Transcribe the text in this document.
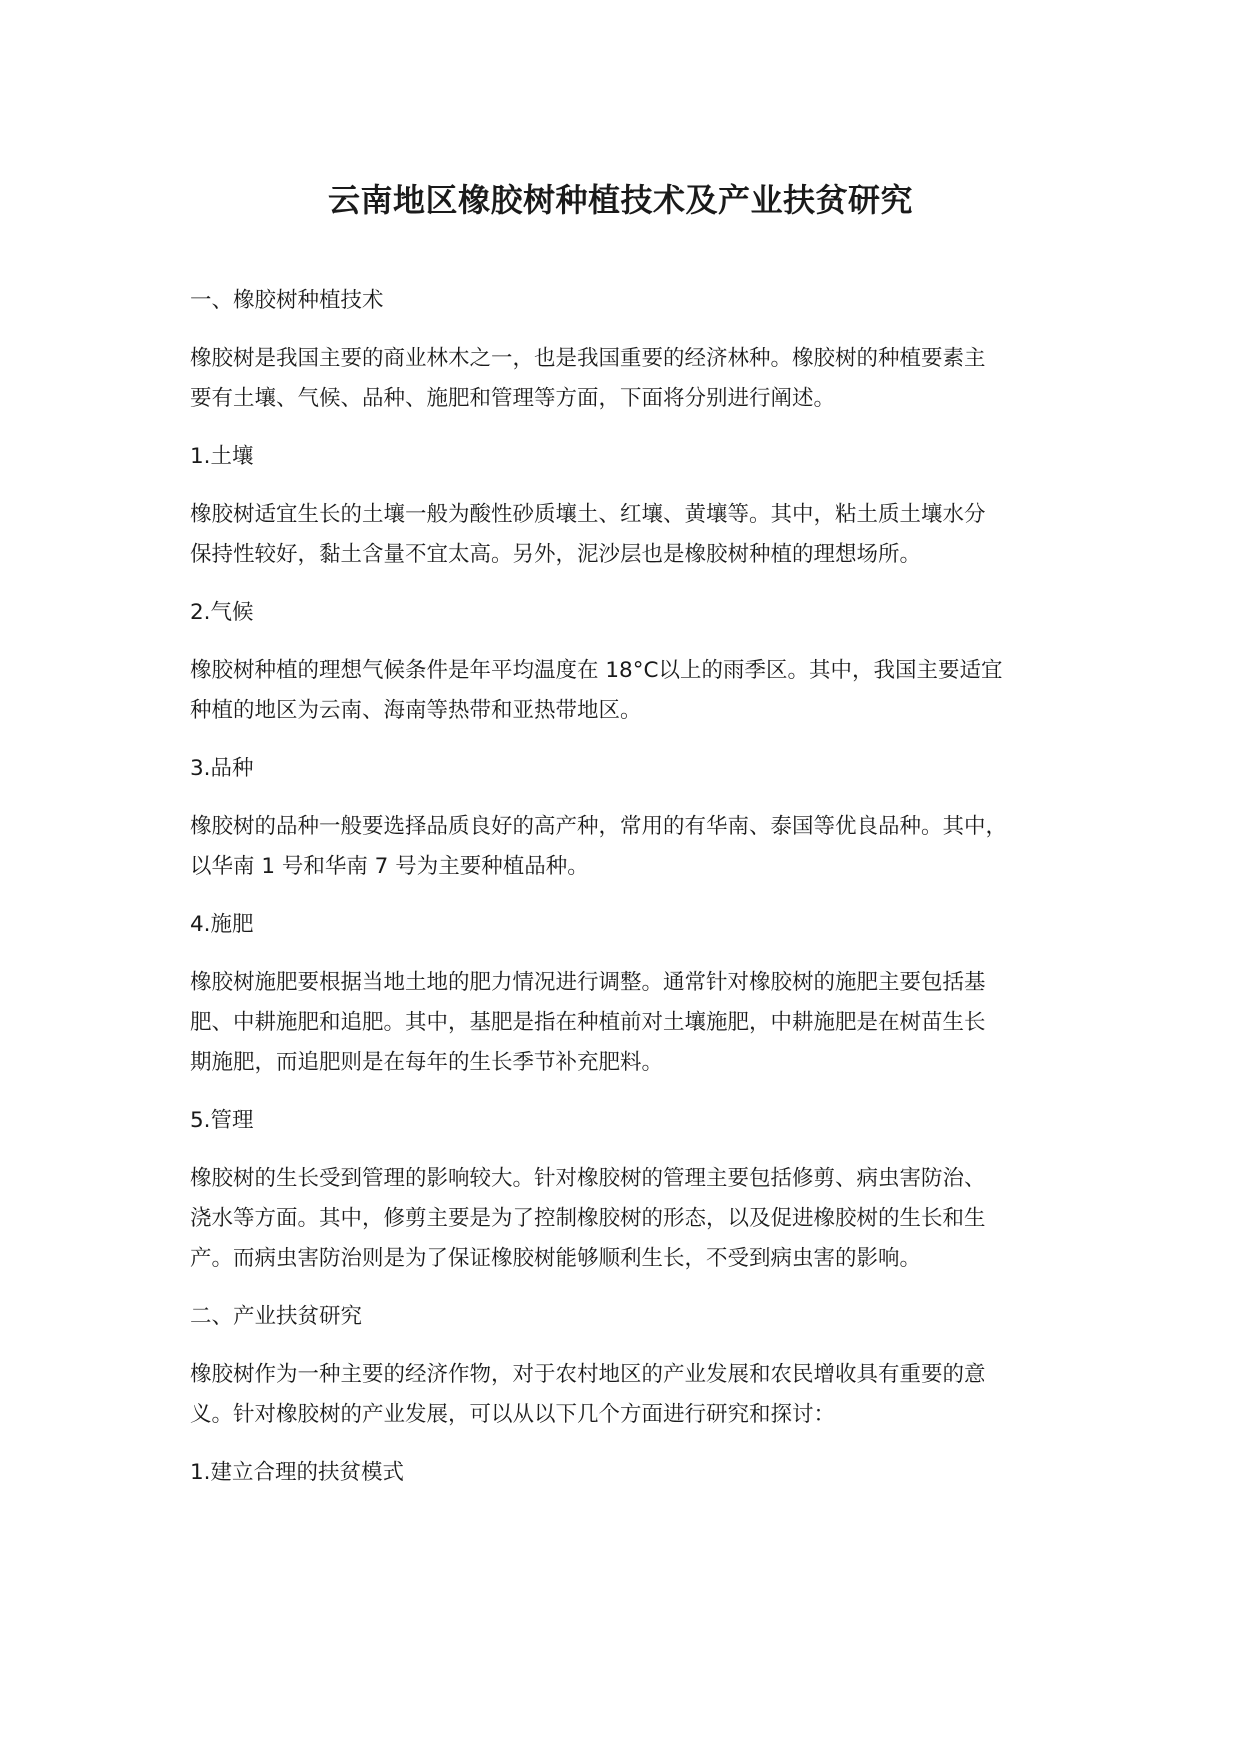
云南地区橡胶树种植技术及产业扶贫研究

一、橡胶树种植技术

橡胶树是我国主要的商业林木之一，也是我国重要的经济林种。橡胶树的种植要素主
要有土壤、气候、品种、施肥和管理等方面，下面将分别进行阐述。

1.土壤

橡胶树适宜生长的土壤一般为酸性砂质壤土、红壤、黄壤等。其中，粘土质土壤水分
保持性较好，黏土含量不宜太高。另外，泥沙层也是橡胶树种植的理想场所。

2.气候

橡胶树种植的理想气候条件是年平均温度在 18°C以上的雨季区。其中，我国主要适宜
种植的地区为云南、海南等热带和亚热带地区。

3.品种

橡胶树的品种一般要选择品质良好的高产种，常用的有华南、泰国等优良品种。其中，
以华南 1 号和华南 7 号为主要种植品种。

4.施肥

橡胶树施肥要根据当地土地的肥力情况进行调整。通常针对橡胶树的施肥主要包括基
肥、中耕施肥和追肥。其中，基肥是指在种植前对土壤施肥，中耕施肥是在树苗生长
期施肥，而追肥则是在每年的生长季节补充肥料。

5.管理

橡胶树的生长受到管理的影响较大。针对橡胶树的管理主要包括修剪、病虫害防治、
浇水等方面。其中，修剪主要是为了控制橡胶树的形态，以及促进橡胶树的生长和生
产。而病虫害防治则是为了保证橡胶树能够顺利生长，不受到病虫害的影响。

二、产业扶贫研究

橡胶树作为一种主要的经济作物，对于农村地区的产业发展和农民增收具有重要的意
义。针对橡胶树的产业发展，可以从以下几个方面进行研究和探讨：

1.建立合理的扶贫模式
